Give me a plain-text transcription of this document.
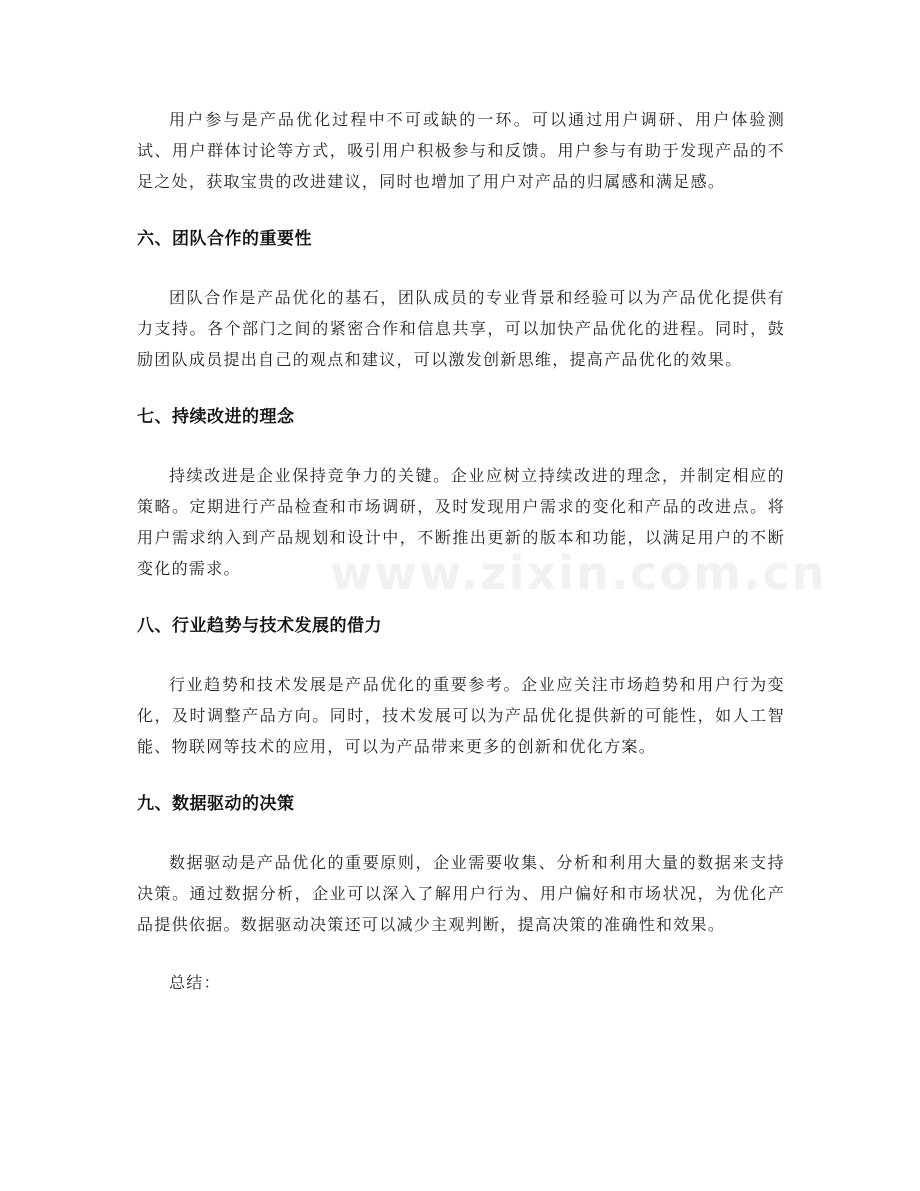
www.zixin.com.cn

用户参与是产品优化过程中不可或缺的一环。可以通过用户调研、用户体验测试、用户群体讨论等方式，吸引用户积极参与和反馈。用户参与有助于发现产品的不足之处，获取宝贵的改进建议，同时也增加了用户对产品的归属感和满足感。

六、团队合作的重要性

团队合作是产品优化的基石，团队成员的专业背景和经验可以为产品优化提供有力支持。各个部门之间的紧密合作和信息共享，可以加快产品优化的进程。同时，鼓励团队成员提出自己的观点和建议，可以激发创新思维，提高产品优化的效果。

七、持续改进的理念

持续改进是企业保持竞争力的关键。企业应树立持续改进的理念，并制定相应的策略。定期进行产品检查和市场调研，及时发现用户需求的变化和产品的改进点。将用户需求纳入到产品规划和设计中，不断推出更新的版本和功能，以满足用户的不断变化的需求。

八、行业趋势与技术发展的借力

行业趋势和技术发展是产品优化的重要参考。企业应关注市场趋势和用户行为变化，及时调整产品方向。同时，技术发展可以为产品优化提供新的可能性，如人工智能、物联网等技术的应用，可以为产品带来更多的创新和优化方案。

九、数据驱动的决策

数据驱动是产品优化的重要原则，企业需要收集、分析和利用大量的数据来支持决策。通过数据分析，企业可以深入了解用户行为、用户偏好和市场状况，为优化产品提供依据。数据驱动决策还可以减少主观判断，提高决策的准确性和效果。

总结：
